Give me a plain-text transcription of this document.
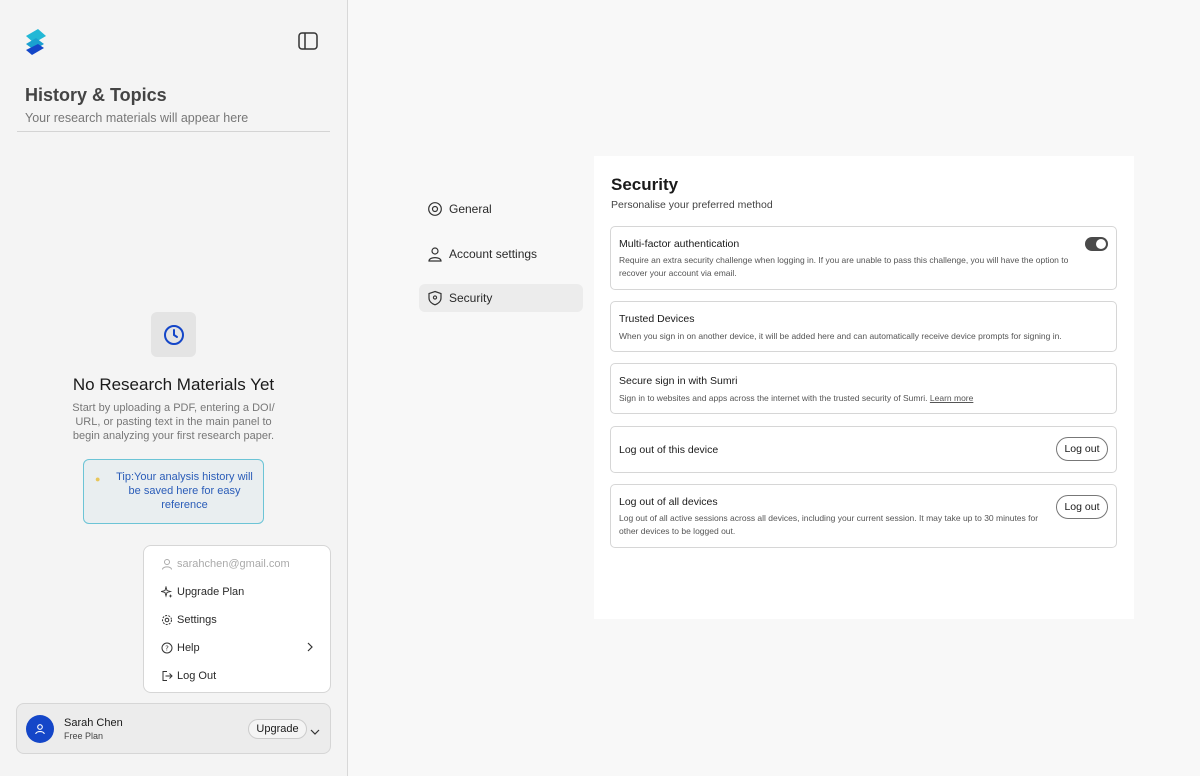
History & Topics
Your research materials will appear here
No Research Materials Yet
Start by uploading a PDF, entering a DOI/ URL, or pasting text in the main panel to begin analyzing your first research paper.
● Tip:Your analysis history will be saved here for easy reference
sarahchen@gmail.com
Upgrade Plan
Settings
? Help
Log Out
Sarah Chen
Free Plan
Upgrade
General
Account settings
Security
Security
Personalise your preferred method
Multi-factor authentication
Require an extra security challenge when logging in. If you are unable to pass this challenge, you will have the option to recover your account via email.
Trusted Devices
When you sign in on another device, it will be added here and can automatically receive device prompts for signing in.
Secure sign in with Sumri
Sign in to websites and apps across the internet with the trusted security of Sumri. Learn more
Log out of this device	Log out
Log out of all devices
Log out of all active sessions across all devices, including your current session. It may take up to 30 minutes for other devices to be logged out.
Log out
